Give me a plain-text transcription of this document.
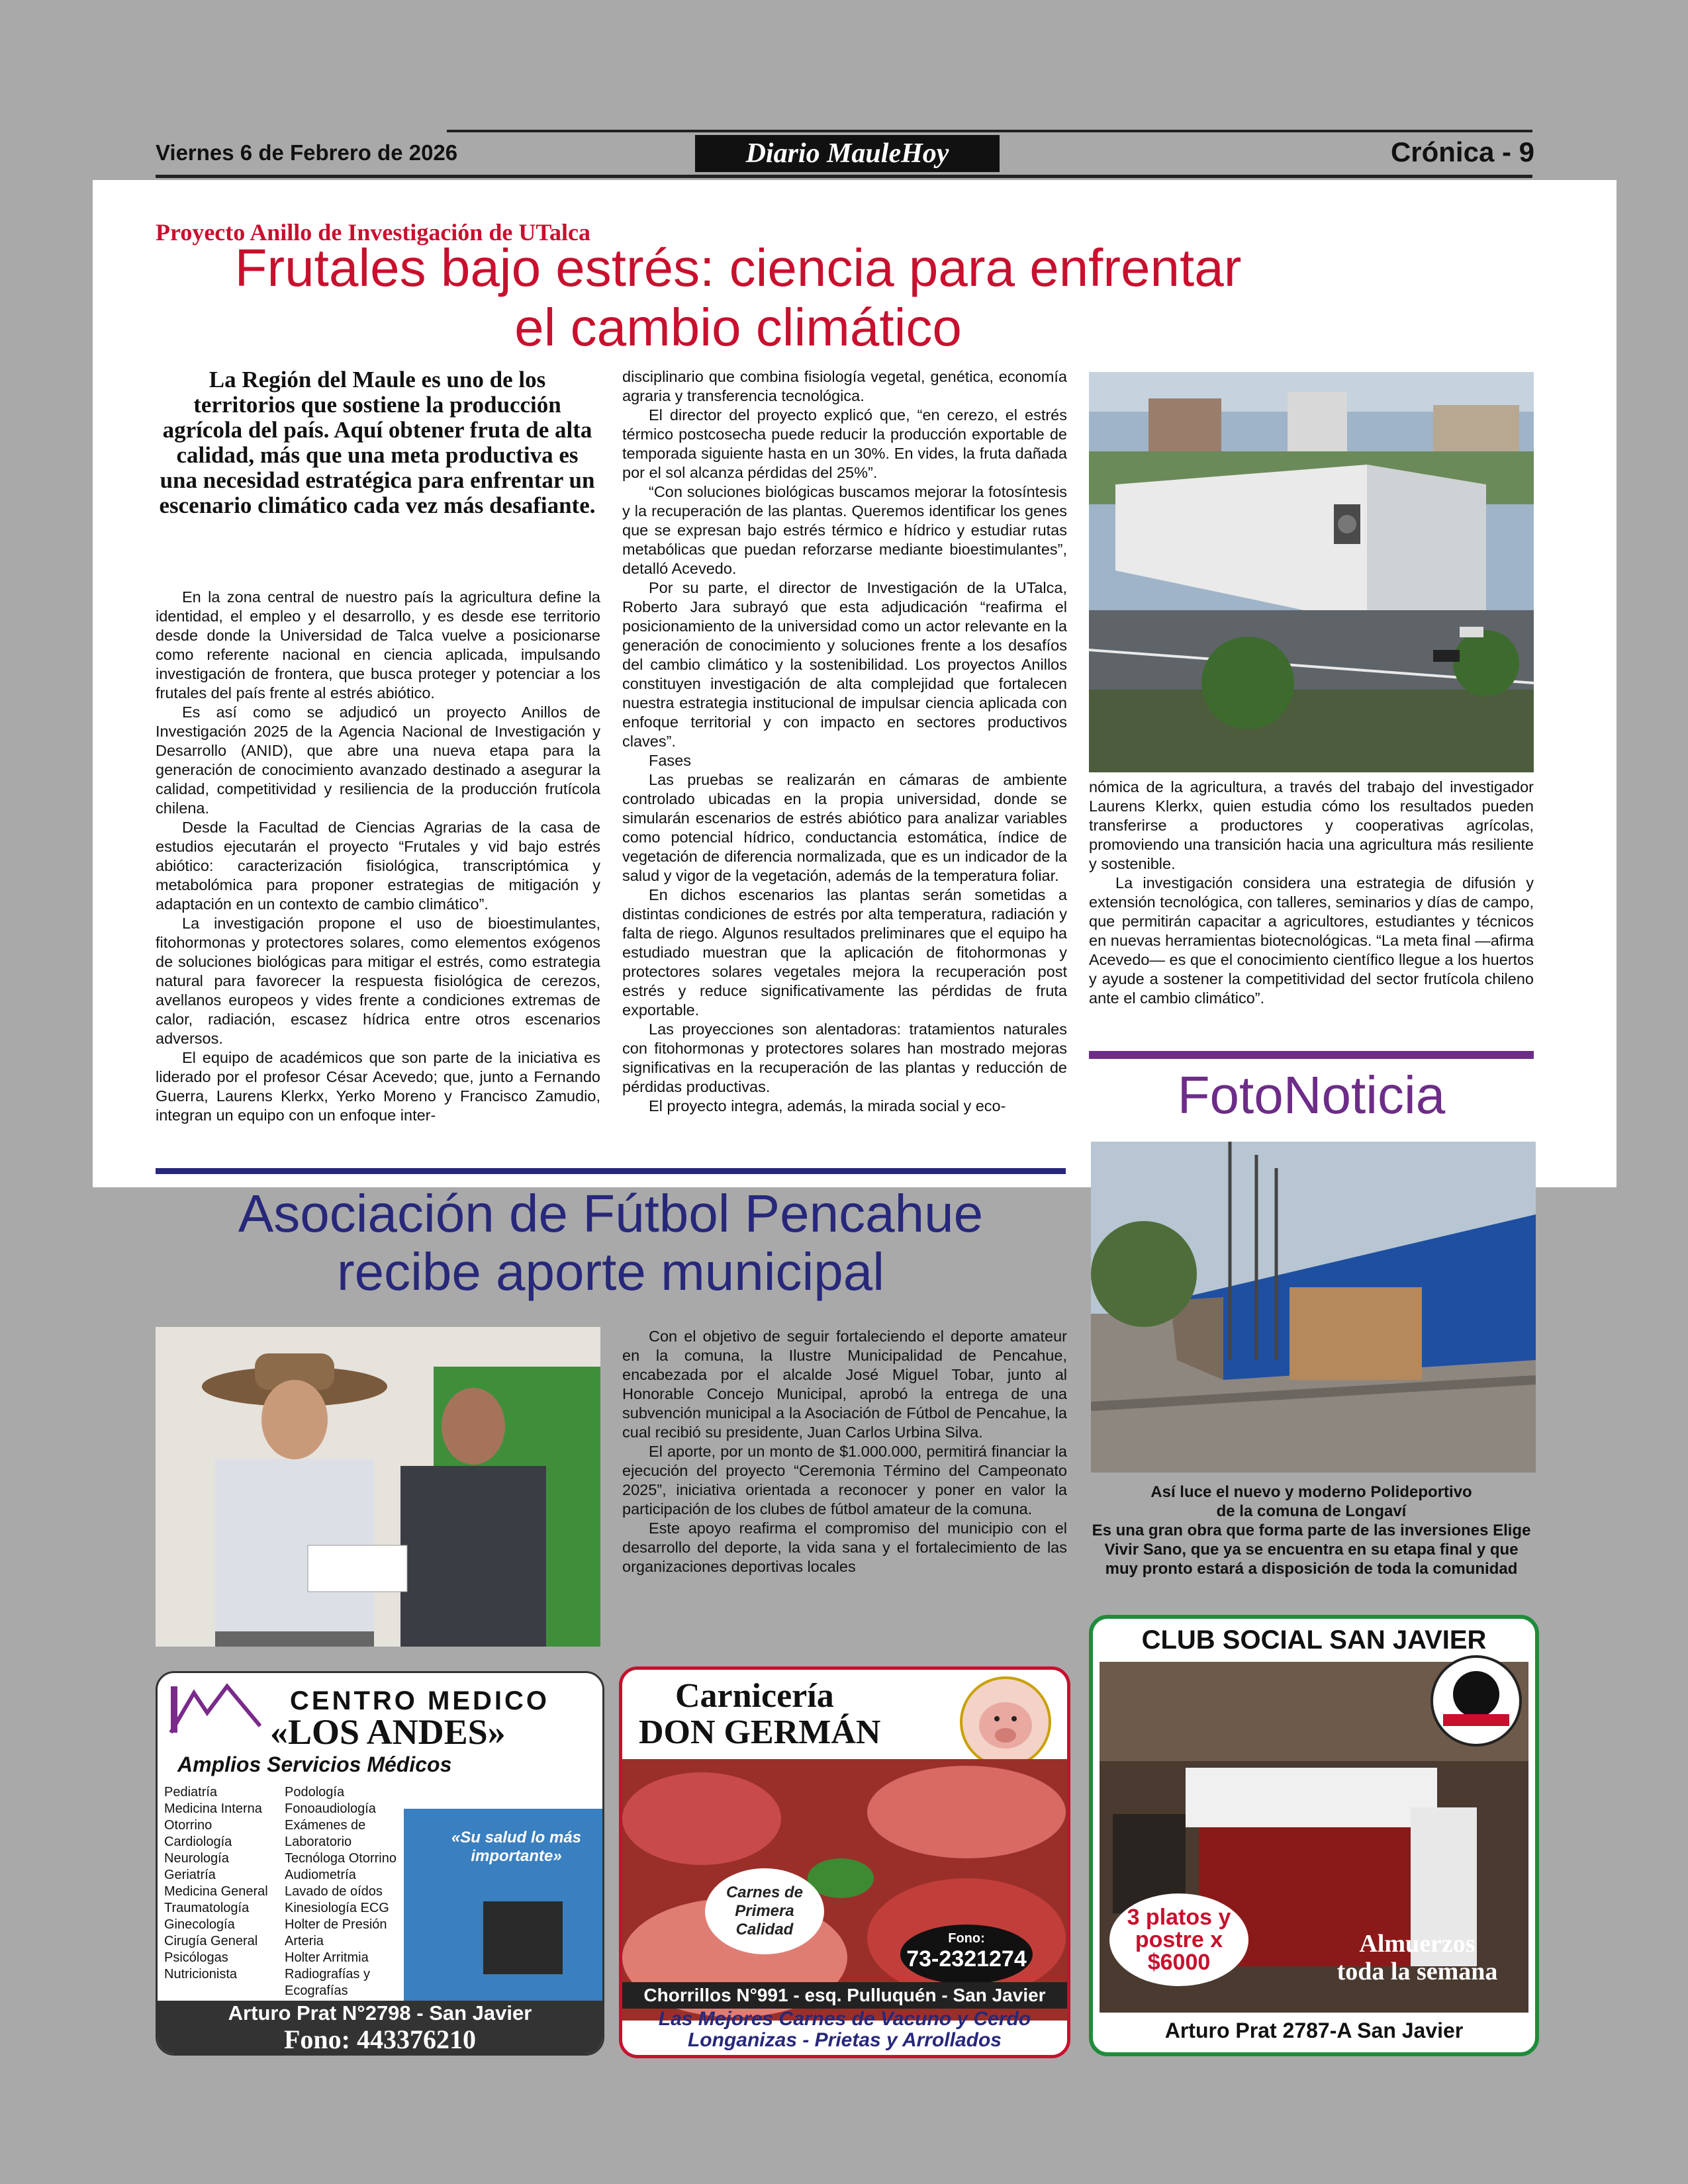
Viernes 6 de Febrero de 2026	Diario MauleHoy	Crónica - 9
Proyecto Anillo de Investigación de UTalca
Frutales bajo estrés: ciencia para enfrentar
el cambio climático
La Región del Maule es uno de los territorios que sostiene la producción agrícola del país. Aquí obtener fruta de alta calidad, más que una meta productiva es una necesidad estratégica para enfrentar un escenario climático cada vez más desafiante.

En la zona central de nuestro país la agricultura define la identidad, el empleo y el desarrollo, y es desde ese territorio desde donde la Universidad de Talca vuelve a posicionarse como referente nacional en ciencia aplicada, impulsando investigación de frontera, que busca proteger y potenciar a los frutales del país frente al estrés abiótico.

Es así como se adjudicó un proyecto Anillos de Investigación 2025 de la Agencia Nacional de Investigación y Desarrollo (ANID), que abre una nueva etapa para la generación de conocimiento avanzado destinado a asegurar la calidad, competitividad y resiliencia de la producción frutícola chilena.

Desde la Facultad de Ciencias Agrarias de la casa de estudios ejecutarán el proyecto “Frutales y vid bajo estrés abiótico: caracterización fisiológica, transcriptómica y metabolómica para proponer estrategias de mitigación y adaptación en un contexto de cambio climático”.

La investigación propone el uso de bioestimulantes, fitohormonas y protectores solares, como elementos exógenos de soluciones biológicas para mitigar el estrés, como estrategia natural para favorecer la respuesta fisiológica de cerezos, avellanos europeos y vides frente a condiciones extremas de calor, radiación, escasez hídrica entre otros escenarios adversos.

El equipo de académicos que son parte de la iniciativa es liderado por el profesor César Acevedo; que, junto a Fernando Guerra, Laurens Klerkx, Yerko Moreno y Francisco Zamudio, integran un equipo con un enfoque inter-

disciplinario que combina fisiología vegetal, genética, economía agraria y transferencia tecnológica.

El director del proyecto explicó que, “en cerezo, el estrés térmico postcosecha puede reducir la producción exportable de temporada siguiente hasta en un 30%. En vides, la fruta dañada por el sol alcanza pérdidas del 25%”.

“Con soluciones biológicas buscamos mejorar la fotosíntesis y la recuperación de las plantas. Queremos identificar los genes que se expresan bajo estrés térmico e hídrico y estudiar rutas metabólicas que puedan reforzarse mediante bioestimulantes”, detalló Acevedo.

Por su parte, el director de Investigación de la UTalca, Roberto Jara subrayó que esta adjudicación “reafirma el posicionamiento de la universidad como un actor relevante en la generación de conocimiento y soluciones frente a los desafíos del cambio climático y la sostenibilidad. Los proyectos Anillos constituyen investigación de alta complejidad que fortalecen nuestra estrategia institucional de impulsar ciencia aplicada con enfoque territorial y con impacto en sectores productivos claves”.

Fases

Las pruebas se realizarán en cámaras de ambiente controlado ubicadas en la propia universidad, donde se simularán escenarios de estrés abiótico para analizar variables como potencial hídrico, conductancia estomática, índice de vegetación de diferencia normalizada, que es un indicador de la salud y vigor de la vegetación, además de la temperatura foliar.

En dichos escenarios las plantas serán sometidas a distintas condiciones de estrés por alta temperatura, radiación y falta de riego. Algunos resultados preliminares que el equipo ha estudiado muestran que la aplicación de fitohormonas y protectores solares vegetales mejora la recuperación post estrés y reduce significativamente las pérdidas de fruta exportable.

Las proyecciones son alentadoras: tratamientos naturales con fitohormonas y protectores solares han mostrado mejoras significativas en la recuperación de las plantas y reducción de pérdidas productivas.

El proyecto integra, además, la mirada social y eco-

nómica de la agricultura, a través del trabajo del investigador Laurens Klerkx, quien estudia cómo los resultados pueden transferirse a productores y cooperativas agrícolas, promoviendo una transición hacia una agricultura más resiliente y sostenible.

La investigación considera una estrategia de difusión y extensión tecnológica, con talleres, seminarios y días de campo, que permitirán capacitar a agricultores, estudiantes y técnicos en nuevas herramientas biotecnológicas. “La meta final —afirma Acevedo— es que el conocimiento científico llegue a los huertos y ayude a sostener la competitividad del sector frutícola chileno ante el cambio climático”.

Asociación de Fútbol Pencahue
recibe aporte municipal

Con el objetivo de seguir fortaleciendo el deporte amateur en la comuna, la Ilustre Municipalidad de Pencahue, encabezada por el alcalde José Miguel Tobar, junto al Honorable Concejo Municipal, aprobó la entrega de una subvención municipal a la Asociación de Fútbol de Pencahue, la cual recibió su presidente, Juan Carlos Urbina Silva.

El aporte, por un monto de $1.000.000, permitirá financiar la ejecución del proyecto “Ceremonia Término del Campeonato 2025”, iniciativa orientada a reconocer y poner en valor la participación de los clubes de fútbol amateur de la comuna.

Este apoyo reafirma el compromiso del municipio con el desarrollo del deporte, la vida sana y el fortalecimiento de las organizaciones deportivas locales

FotoNoticia
Así luce el nuevo y moderno Polideportivo
de la comuna de Longaví
Es una gran obra que forma parte de las inversiones Elige Vivir Sano, que ya se encuentra en su etapa final y que muy pronto estará a disposición de toda la comunidad
CENTRO MEDICO
«LOS ANDES»
Amplios Servicios Médicos
Pediatría
Medicina Interna
Otorrino
Cardiología
Neurología
Geriatría
Medicina General
Traumatología
Ginecología
Cirugía General
Psicólogas
Nutricionista
Podología
Fonoaudiología
Exámenes de
Laboratorio
Tecnóloga Otorrino
Audiometría
Lavado de oídos
Kinesiología ECG
Holter de Presión
Arteria
Holter Arritmia
Radiografías y Ecografías
«Su salud lo más importante»
Arturo Prat N°2798 - San Javier
Fono: 443376210
Carnicería
DON GERMÁN
Carnes de Primera Calidad	Fono:
73-2321274
Chorrillos N°991 - esq. Pulluquén - San Javier
Las Mejores Carnes de Vacuno y Cerdo
Longanizas - Prietas y Arrollados
CLUB SOCIAL SAN JAVIER
3 platos y postre x $6000
Almuerzos
toda la semana
Arturo Prat 2787-A San Javier
